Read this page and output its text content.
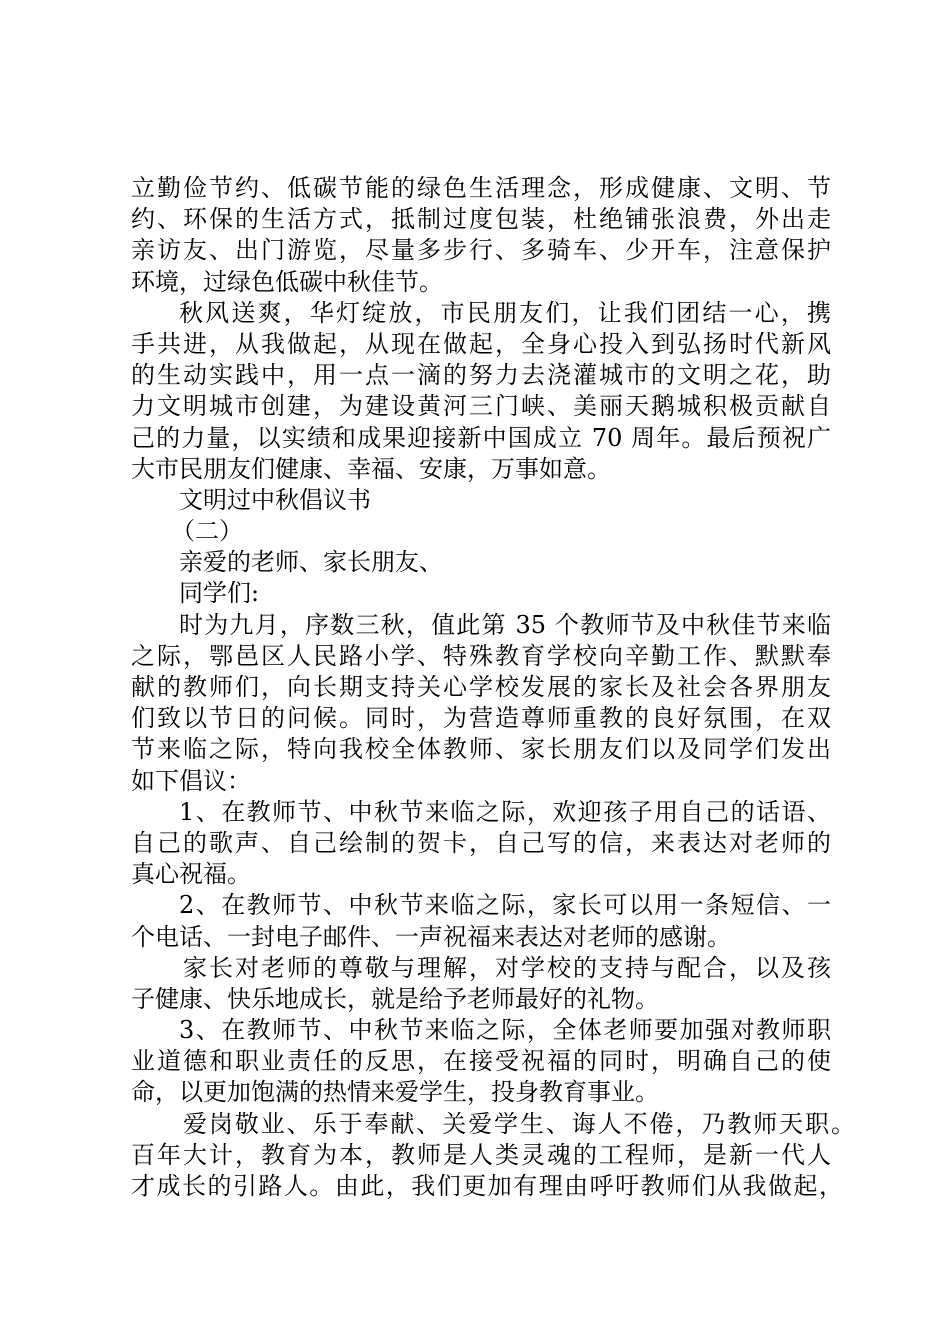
立勤俭节约、低碳节能的绿色生活理念，形成健康、文明、节
约、环保的生活方式，抵制过度包装，杜绝铺张浪费，外出走
亲访友、出门游览，尽量多步行、多骑车、少开车，注意保护
环境，过绿色低碳中秋佳节。
秋风送爽，华灯绽放，市民朋友们，让我们团结一心，携
手共进，从我做起，从现在做起，全身心投入到弘扬时代新风
的生动实践中，用一点一滴的努力去浇灌城市的文明之花，助
力文明城市创建，为建设黄河三门峡、美丽天鹅城积极贡献自
己的力量，以实绩和成果迎接新中国成立 70 周年。最后预祝广
大市民朋友们健康、幸福、安康，万事如意。
文明过中秋倡议书
（二）
亲爱的老师、家长朋友、
同学们:
时为九月，序数三秋，值此第 35 个教师节及中秋佳节来临
之际，鄂邑区人民路小学、特殊教育学校向辛勤工作、默默奉
献的教师们，向长期支持关心学校发展的家长及社会各界朋友
们致以节日的问候。同时，为营造尊师重教的良好氛围，在双
节来临之际，特向我校全体教师、家长朋友们以及同学们发出
如下倡议：
1、在教师节、中秋节来临之际，欢迎孩子用自己的话语、
自己的歌声、自己绘制的贺卡，自己写的信，来表达对老师的
真心祝福。
2、在教师节、中秋节来临之际，家长可以用一条短信、一
个电话、一封电子邮件、一声祝福来表达对老师的感谢。
家长对老师的尊敬与理解，对学校的支持与配合，以及孩
子健康、快乐地成长，就是给予老师最好的礼物。
3、在教师节、中秋节来临之际，全体老师要加强对教师职
业道德和职业责任的反思，在接受祝福的同时，明确自己的使
命，以更加饱满的热情来爱学生，投身教育事业。
爱岗敬业、乐于奉献、关爱学生、诲人不倦，乃教师天职。
百年大计，教育为本，教师是人类灵魂的工程师，是新一代人
才成长的引路人。由此，我们更加有理由呼吁教师们从我做起，
